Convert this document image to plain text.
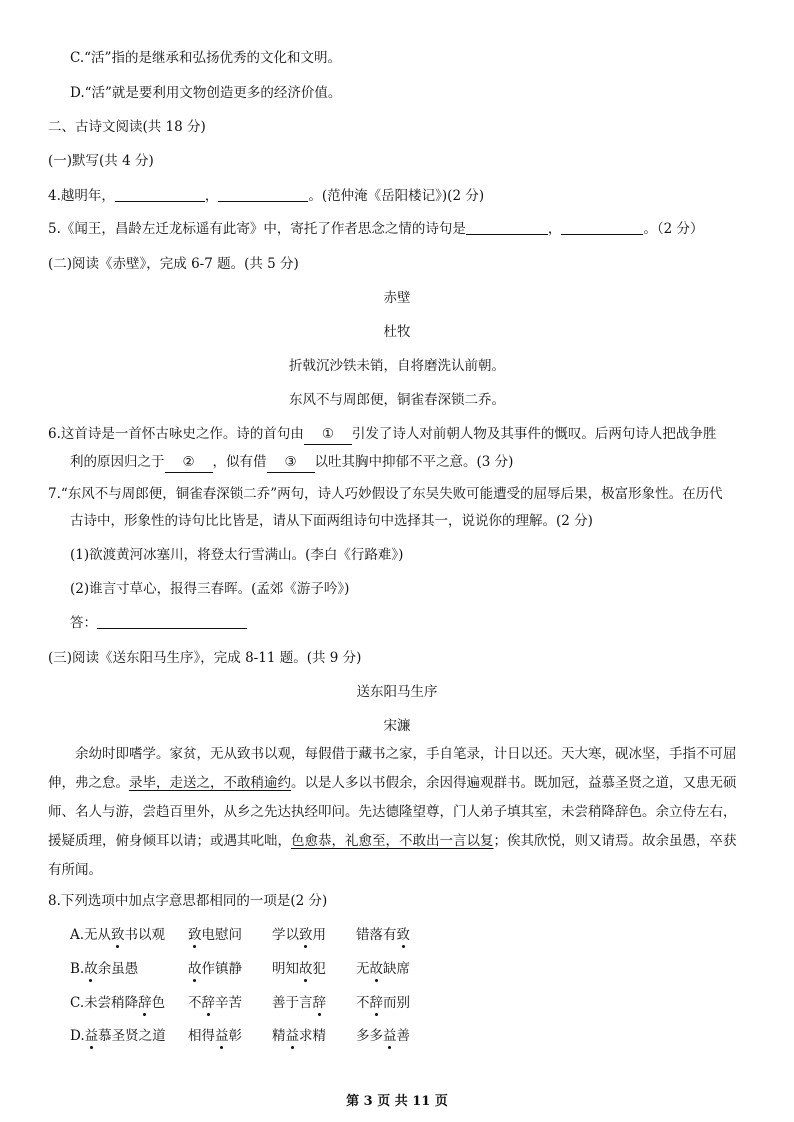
C.“活”指的是继承和弘扬优秀的文化和文明。
D.“活”就是要利用文物创造更多的经济价值。
二、古诗文阅读(共 18 分)
(一)默写(共 4 分)
4.越明年，	，	。(范仲淹《岳阳楼记》)(2 分)
5.《闻王，昌龄左迁龙标遥有此寄》中，寄托了作者思念之情的诗句是	，	。（2 分）
(二)阅读《赤壁》，完成 6-7 题。(共 5 分)
赤壁
杜牧
折戟沉沙铁未销，自将磨洗认前朝。
东风不与周郎便，铜雀春深锁二乔。
6.这首诗是一首怀古咏史之作。诗的首句由 ① 引发了诗人对前朝人物及其事件的慨叹。后两句诗人把战争胜
利的原因归之于 ② ，似有借 ③ 以吐其胸中抑郁不平之意。(3 分)
7.“东风不与周郎便，铜雀春深锁二乔”两句，诗人巧妙假设了东吴失败可能遭受的屈辱后果，极富形象性。在历代
古诗中，形象性的诗句比比皆是，请从下面两组诗句中选择其一，说说你的理解。(2 分)
(1)欲渡黄河冰塞川，将登太行雪满山。(李白《行路难》)
(2)谁言寸草心，报得三春晖。(孟郊《游子吟》)
答：
(三)阅读《送东阳马生序》，完成 8-11 题。(共 9 分)
送东阳马生序
宋濂
余幼时即嗜学。家贫，无从致书以观，每假借于藏书之家，手自笔录，计日以还。天大寒，砚冰坚，手指不可屈伸，弗之怠。录毕，走送之，不敢稍逾约。以是人多以书假余，余因得遍观群书。既加冠，益慕圣贤之道，又患无硕师、名人与游，尝趋百里外，从乡之先达执经叩问。先达德隆望尊，门人弟子填其室，未尝稍降辞色。余立侍左右，援疑质理，俯身倾耳以请；或遇其叱咄，色愈恭，礼愈至，不敢出一言以复；俟其欣悦，则又请焉。故余虽愚，卒获有所闻。
8.下列选项中加点字意思都相同的一项是(2 分)
A.无从致书以观 致电慰问 学以致用 错落有致
B.故余虽愚	故作镇静 明知故犯 无故缺席
C.未尝稍降辞色 不辞辛苦 善于言辞 不辞而别
D.益慕圣贤之道 相得益彰 精益求精 多多益善
第 3 页 共 11 页
